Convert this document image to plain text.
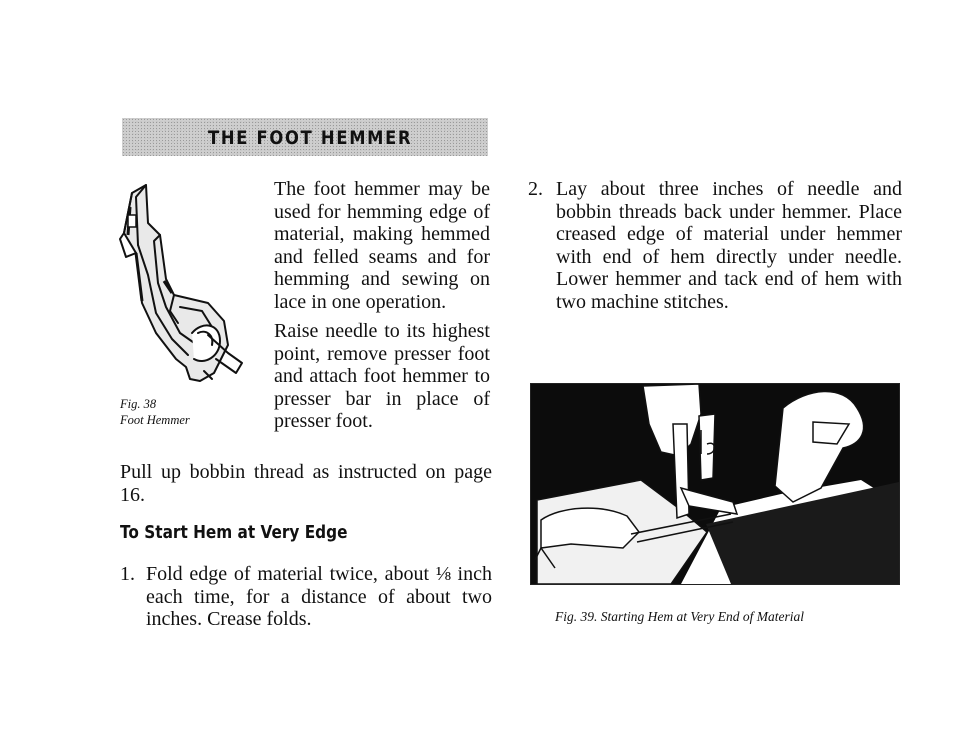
THE FOOT HEMMER
Fig. 38
Foot Hemmer

The foot hemmer may be used for hemming edge of material, making hemmed and felled seams and for hemming and sewing on lace in one operation.

Raise needle to its highest point, remove presser foot and attach foot hemmer to presser bar in place of presser foot.

Pull up bobbin thread as instructed on page 16.

To Start Hem at Very Edge
1. Fold edge of material twice, about ⅛ inch each time, for a distance of about two inches. Crease folds.

2. Lay about three inches of needle and bobbin threads back under hemmer. Place creased edge of material under hemmer with end of hem directly under needle. Lower hemmer and tack end of hem with two machine stitches.

Fig. 39. Starting Hem at Very End of Material
